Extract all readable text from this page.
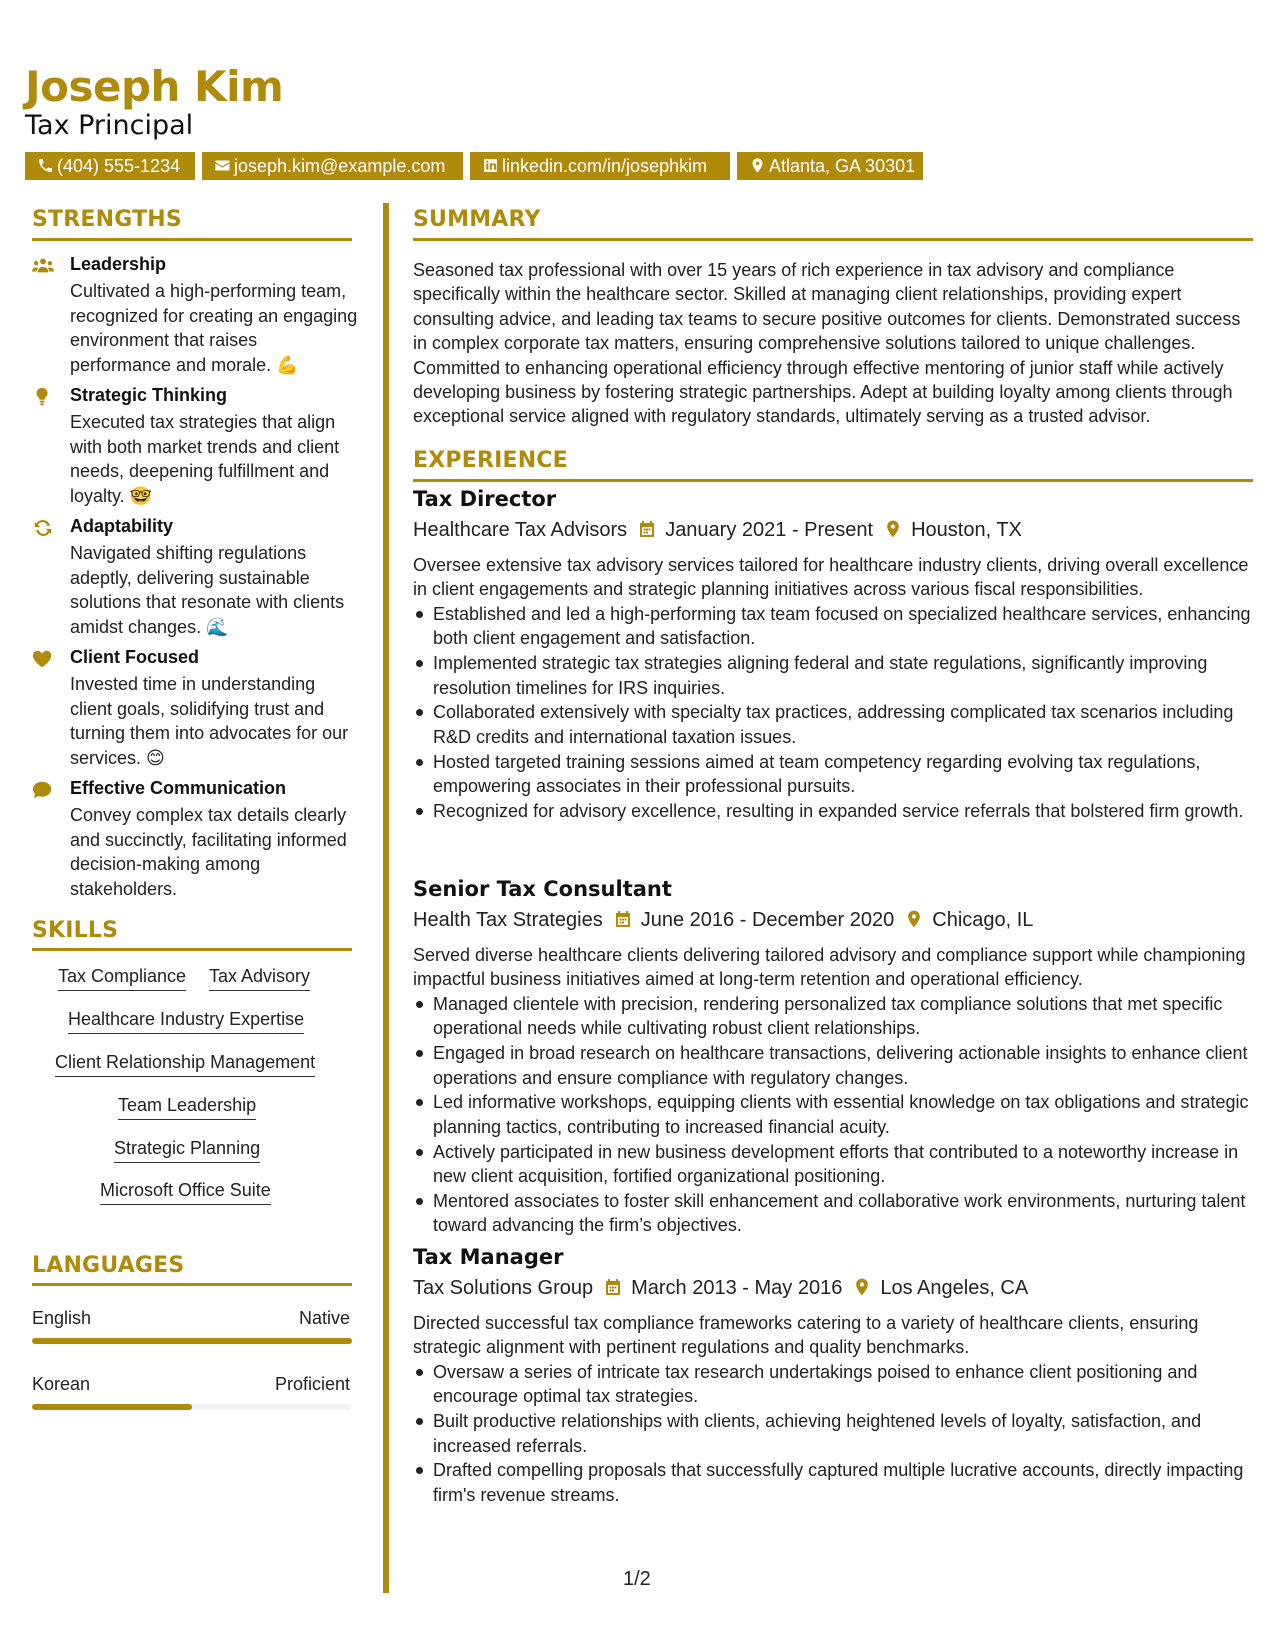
Joseph Kim
Tax Principal
(404) 555-1234	joseph.kim@example.com	linkedin.com/in/josephkim	Atlanta, GA 30301
STRENGTHS
Leadership
Cultivated a high-performing team, recognized for creating an engaging environment that raises performance and morale. 💪
Strategic Thinking
Executed tax strategies that align with both market trends and client needs, deepening fulfillment and loyalty. 🤓
Adaptability
Navigated shifting regulations adeptly, delivering sustainable solutions that resonate with clients amidst changes. 🌊
Client Focused
Invested time in understanding client goals, solidifying trust and turning them into advocates for our services. 😊
Effective Communication
Convey complex tax details clearly and succinctly, facilitating informed decision-making among stakeholders.
SKILLS
Tax Compliance Tax Advisory
Healthcare Industry Expertise
Client Relationship Management
Team Leadership
Strategic Planning
Microsoft Office Suite
LANGUAGES
English	Native
Korean	Proficient
SUMMARY
Seasoned tax professional with over 15 years of rich experience in tax advisory and compliance specifically within the healthcare sector. Skilled at managing client relationships, providing expert consulting advice, and leading tax teams to secure positive outcomes for clients. Demonstrated success in complex corporate tax matters, ensuring comprehensive solutions tailored to unique challenges. Committed to enhancing operational efficiency through effective mentoring of junior staff while actively developing business by fostering strategic partnerships. Adept at building loyalty among clients through exceptional service aligned with regulatory standards, ultimately serving as a trusted advisor.
EXPERIENCE
Tax Director
Healthcare Tax Advisors January 2021 - Present Houston, TX
Oversee extensive tax advisory services tailored for healthcare industry clients, driving overall excellence in client engagements and strategic planning initiatives across various fiscal responsibilities.
Established and led a high-performing tax team focused on specialized healthcare services, enhancing both client engagement and satisfaction.
Implemented strategic tax strategies aligning federal and state regulations, significantly improving resolution timelines for IRS inquiries.
Collaborated extensively with specialty tax practices, addressing complicated tax scenarios including R&D credits and international taxation issues.
Hosted targeted training sessions aimed at team competency regarding evolving tax regulations, empowering associates in their professional pursuits.
Recognized for advisory excellence, resulting in expanded service referrals that bolstered firm growth.
Senior Tax Consultant
Health Tax Strategies June 2016 - December 2020 Chicago, IL
Served diverse healthcare clients delivering tailored advisory and compliance support while championing impactful business initiatives aimed at long-term retention and operational efficiency.
Managed clientele with precision, rendering personalized tax compliance solutions that met specific operational needs while cultivating robust client relationships.
Engaged in broad research on healthcare transactions, delivering actionable insights to enhance client operations and ensure compliance with regulatory changes.
Led informative workshops, equipping clients with essential knowledge on tax obligations and strategic planning tactics, contributing to increased financial acuity.
Actively participated in new business development efforts that contributed to a noteworthy increase in new client acquisition, fortified organizational positioning.
Mentored associates to foster skill enhancement and collaborative work environments, nurturing talent toward advancing the firm’s objectives.
Tax Manager
Tax Solutions Group March 2013 - May 2016 Los Angeles, CA
Directed successful tax compliance frameworks catering to a variety of healthcare clients, ensuring strategic alignment with pertinent regulations and quality benchmarks.
Oversaw a series of intricate tax research undertakings poised to enhance client positioning and encourage optimal tax strategies.
Built productive relationships with clients, achieving heightened levels of loyalty, satisfaction, and increased referrals.
Drafted compelling proposals that successfully captured multiple lucrative accounts, directly impacting firm's revenue streams.
1/2
